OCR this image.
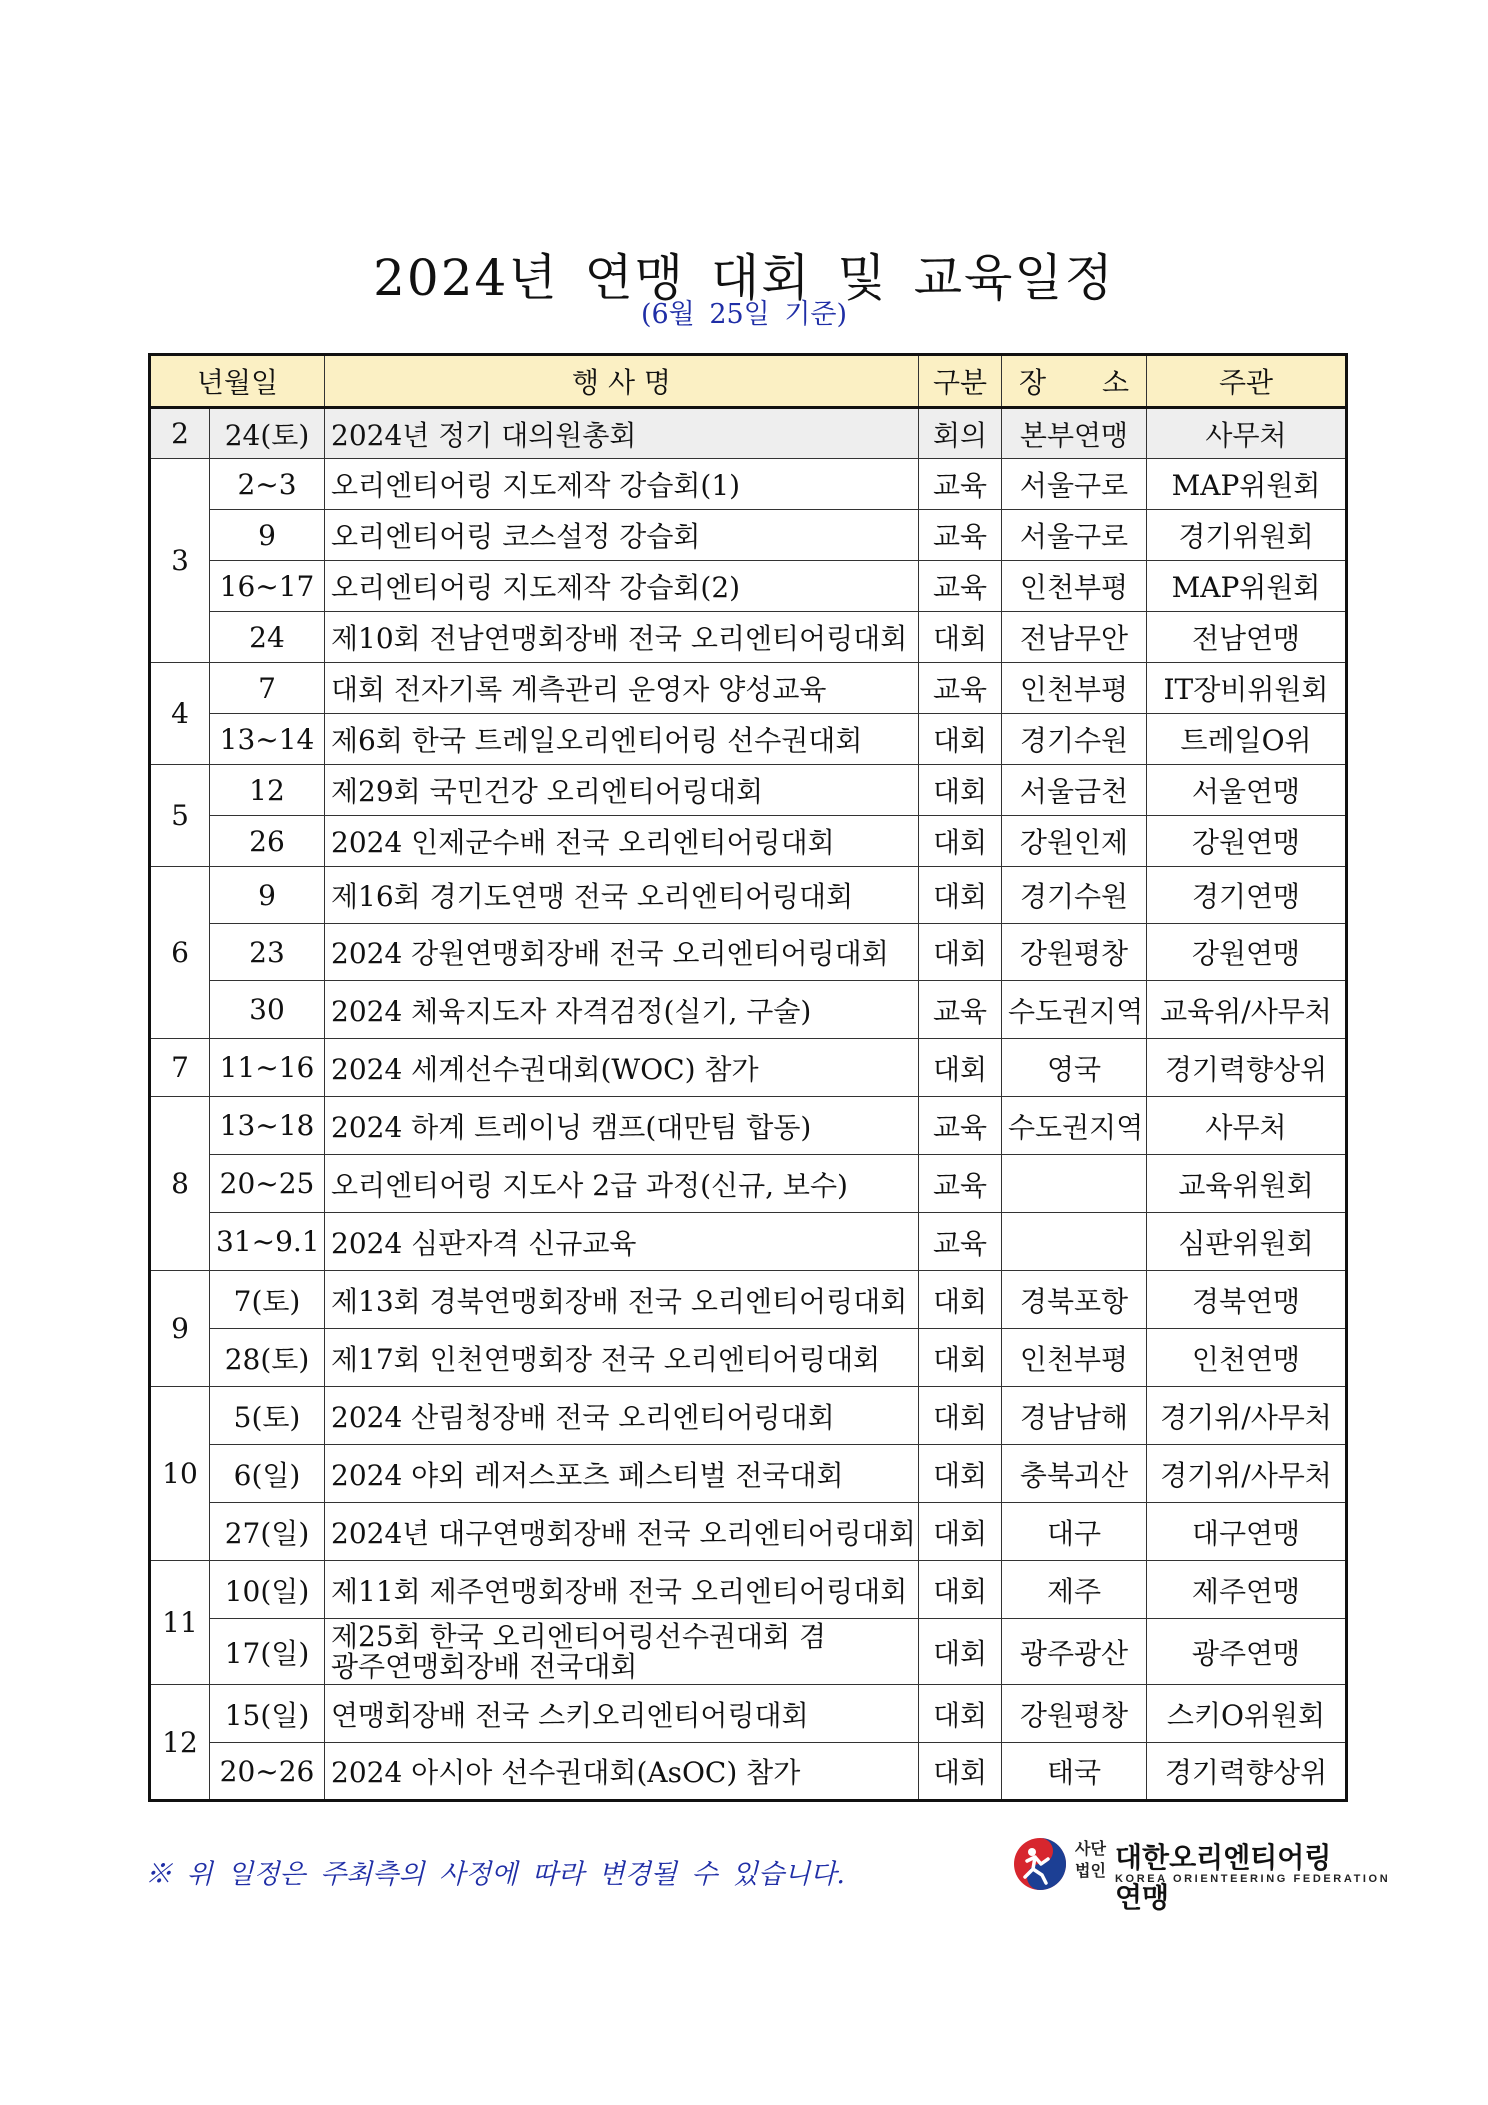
2024년 연맹 대회 및 교육일정
(6월 25일 기준)
년월일		행 사 명	구분	장　　소	주관
2	24(토)	2024년 정기 대의원총회	회의	본부연맹	사무처
3	2~3	오리엔티어링 지도제작 강습회(1)	교육	서울구로	MAP위원회
	9	오리엔티어링 코스설정 강습회	교육	서울구로	경기위원회
	16~17	오리엔티어링 지도제작 강습회(2)	교육	인천부평	MAP위원회
	24	제10회 전남연맹회장배 전국 오리엔티어링대회	대회	전남무안	전남연맹
4	7	대회 전자기록 계측관리 운영자 양성교육	교육	인천부평	IT장비위원회
	13~14	제6회 한국 트레일오리엔티어링 선수권대회	대회	경기수원	트레일O위
5	12	제29회 국민건강 오리엔티어링대회	대회	서울금천	서울연맹
	26	2024 인제군수배 전국 오리엔티어링대회	대회	강원인제	강원연맹
6	9	제16회 경기도연맹 전국 오리엔티어링대회	대회	경기수원	경기연맹
	23	2024 강원연맹회장배 전국 오리엔티어링대회	대회	강원평창	강원연맹
	30	2024 체육지도자 자격검정(실기, 구술)	교육	수도권지역	교육위/사무처
7	11~16	2024 세계선수권대회(WOC) 참가	대회	영국	경기력향상위
8	13~18	2024 하계 트레이닝 캠프(대만팀 합동)	교육	수도권지역	사무처
	20~25	오리엔티어링 지도사 2급 과정(신규, 보수)	교육		교육위원회
	31~9.1	2024 심판자격 신규교육	교육		심판위원회
9	7(토)	제13회 경북연맹회장배 전국 오리엔티어링대회	대회	경북포항	경북연맹
	28(토)	제17회 인천연맹회장 전국 오리엔티어링대회	대회	인천부평	인천연맹
10	5(토)	2024 산림청장배 전국 오리엔티어링대회	대회	경남남해	경기위/사무처
	6(일)	2024 야외 레저스포츠 페스티벌 전국대회	대회	충북괴산	경기위/사무처
	27(일)	2024년 대구연맹회장배 전국 오리엔티어링대회	대회	대구	대구연맹
11	10(일)	제11회 제주연맹회장배 전국 오리엔티어링대회	대회	제주	제주연맹
	17(일)	제25회 한국 오리엔티어링선수권대회 겸
광주연맹회장배 전국대회	대회	광주광산	광주연맹
12	15(일)	연맹회장배 전국 스키오리엔티어링대회	대회	강원평창	스키O위원회
	20~26	2024 아시아 선수권대회(AsOC) 참가	대회	태국	경기력향상위
※ 위 일정은 주최측의 사정에 따라 변경될 수 있습니다.
사단
법인 대한오리엔티어링연맹
KOREA ORIENTEERING FEDERATION
